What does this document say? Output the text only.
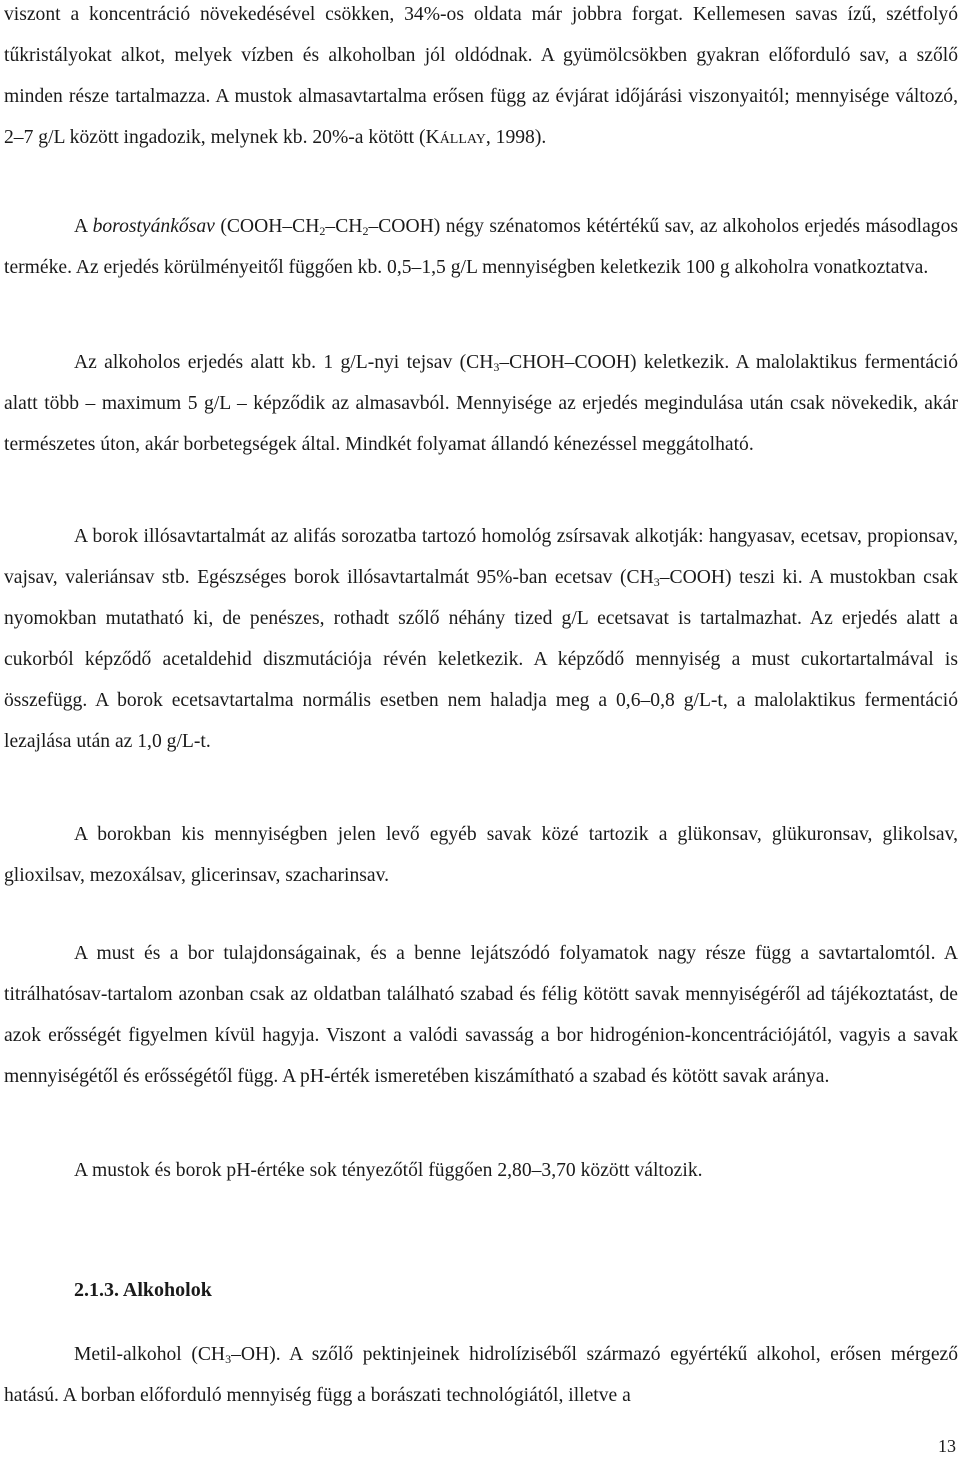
viszont a koncentráció növekedésével csökken, 34%-os oldata már jobbra forgat. Kellemesen savas ízű, szétfolyó tűkristályokat alkot, melyek vízben és alkoholban jól oldódnak. A gyümölcsökben gyakran előforduló sav, a szőlő minden része tartalmazza. A mustok almasavtartalma erősen függ az évjárat időjárási viszonyaitól; mennyisége változó, 2–7 g/L között ingadozik, melynek kb. 20%-a kötött (Kállay, 1998).

A borostyánkősav $(COOH-CH_2-CH_2-COOH)$ négy szénatomos kétértékű sav, az alkoholos erjedés másodlagos terméke. Az erjedés körülményeitől függően kb. 0,5–1,5 g/L mennyiségben keletkezik 100 g alkoholra vonatkoztatva.

Az alkoholos erjedés alatt kb. 1 g/L-nyi tejsav $(CH_3-CHOH-COOH)$ keletkezik. A malolaktikus fermentáció alatt több – maximum 5 g/L – képződik az almasavból. Mennyisége az erjedés megindulása után csak növekedik, akár természetes úton, akár borbetegségek által. Mindkét folyamat állandó kénezéssel meggátolható.

A borok illósavtartalmát az alifás sorozatba tartozó homológ zsírsavak alkotják: hangyasav, ecetsav, propionsav, vajsav, valeriánsav stb. Egészséges borok illósavtartalmát 95%-ban ecetsav $(CH_3-COOH)$ teszi ki. A mustokban csak nyomokban mutatható ki, de penészes, rothadt szőlő néhány tized g/L ecetsavat is tartalmazhat. Az erjedés alatt a cukorból képződő acetaldehid diszmutációja révén keletkezik. A képződő mennyiség a must cukortartalmával is összefügg. A borok ecetsavtartalma normális esetben nem haladja meg a 0,6–0,8 g/L-t, a malolaktikus fermentáció lezajlása után az 1,0 g/L-t.

A borokban kis mennyiségben jelen levő egyéb savak közé tartozik a glükonsav, glükuronsav, glikolsav, glioxilsav, mezoxálsav, glicerinsav, szacharinsav.

A must és a bor tulajdonságainak, és a benne lejátszódó folyamatok nagy része függ a savtartalomtól. A titrálhatósav-tartalom azonban csak az oldatban található szabad és félig kötött savak mennyiségéről ad tájékoztatást, de azok erősségét figyelmen kívül hagyja. Viszont a valódi savasság a bor hidrogénion-koncentrációjától, vagyis a savak mennyiségétől és erősségétől függ. A pH-érték ismeretében kiszámítható a szabad és kötött savak aránya.

A mustok és borok pH-értéke sok tényezőtől függően 2,80–3,70 között változik.

2.1.3. Alkoholok

Metil-alkohol $(CH_3-OH)$. A szőlő pektinjeinek hidrolíziséből származó egyértékű alkohol, erősen mérgező hatású. A borban előforduló mennyiség függ a borászati technológiától, illetve a

13
